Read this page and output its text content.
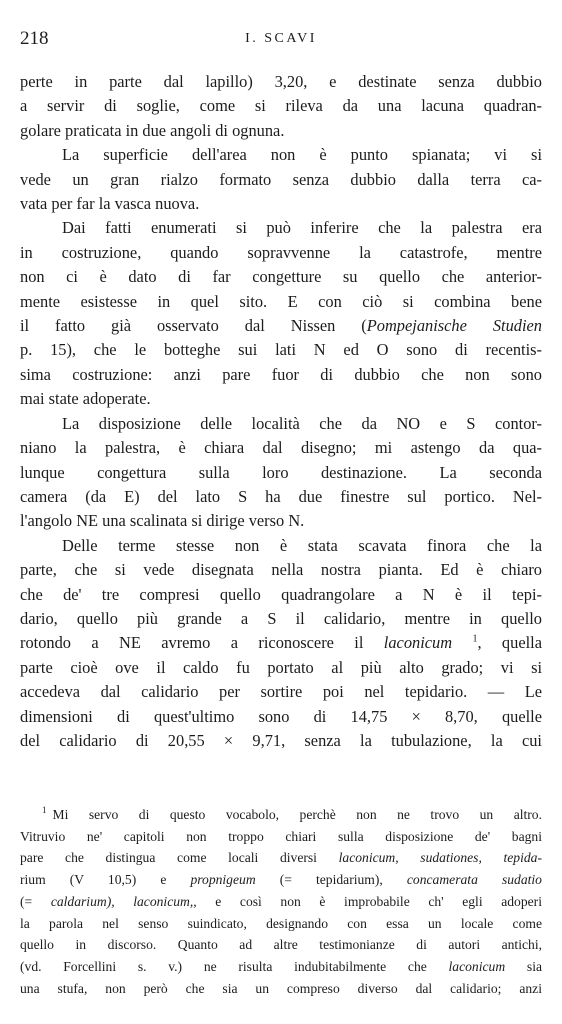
218	I. SCAVI

perte in parte dal lapillo) 3,20, e destinate senza dubbio
a servir di soglie, come si rileva da una lacuna quadran-
golare praticata in due angoli di ognuna.

La superficie dell'area non è punto spianata; vi si
vede un gran rialzo formato senza dubbio dalla terra ca-
vata per far la vasca nuova.

Dai fatti enumerati si può inferire che la palestra era
in costruzione, quando sopravvenne la catastrofe, mentre
non ci è dato di far congetture su quello che anterior-
mente esistesse in quel sito. E con ciò si combina bene
il fatto già osservato dal Nissen (Pompejanische Studien
p. 15), che le botteghe sui lati N ed O sono di recentis-
sima costruzione: anzi pare fuor di dubbio che non sono
mai state adoperate.

La disposizione delle località che da NO e S contor-
niano la palestra, è chiara dal disegno; mi astengo da qua-
lunque congettura sulla loro destinazione. La seconda
camera (da E) del lato S ha due finestre sul portico. Nel-
l'angolo NE una scalinata si dirige verso N.

Delle terme stesse non è stata scavata finora che la
parte, che si vede disegnata nella nostra pianta. Ed è chiaro
che de' tre compresi quello quadrangolare a N è il tepi-
dario, quello più grande a S il calidario, mentre in quello
rotondo a NE avremo a riconoscere il laconicum $^1$, quella
parte cioè ove il caldo fu portato al più alto grado; vi si
accedeva dal calidario per sortire poi nel tepidario. — Le
dimensioni di quest'ultimo sono di 14,75 × 8,70, quelle
del calidario di 20,55 × 9,71, senza la tubulazione, la cui

$^1$ Mi servo di questo vocabolo, perchè non ne trovo un altro.
Vitruvio ne' capitoli non troppo chiari sulla disposizione de' bagni
pare che distingua come locali diversi laconicum, sudationes, tepida-
rium (V 10,5) e propnigeum (= tepidarium), concamerata sudatio
(= caldarium), laconicum,, e così non è improbabile ch' egli adoperi
la parola nel senso suindicato, designando con essa un locale come
quello in discorso. Quanto ad altre testimonianze di autori antichi,
(vd. Forcellini s. v.) ne risulta indubitabilmente che laconicum sia
una stufa, non però che sia un compreso diverso dal calidario; anzi
